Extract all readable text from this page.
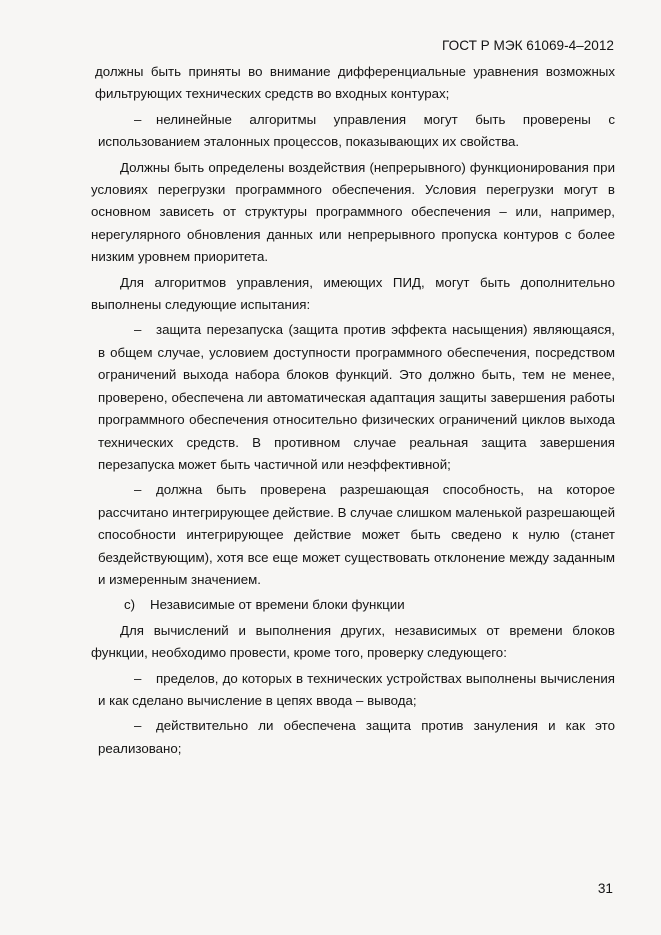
ГОСТ Р МЭК 61069-4–2012

должны быть приняты во внимание дифференциальные уравнения возможных фильтрующих технических средств во входных контурах;

– нелинейные алгоритмы управления могут быть проверены с использованием эталонных процессов, показывающих их свойства.

Должны быть определены воздействия (непрерывного) функционирования при условиях перегрузки программного обеспечения. Условия перегрузки могут в основном зависеть от структуры программного обеспечения – или, например, нерегулярного обновления данных или непрерывного пропуска контуров с более низким уровнем приоритета.

Для алгоритмов управления, имеющих ПИД, могут быть дополнительно выполнены следующие испытания:

– защита перезапуска (защита против эффекта насыщения) являющаяся, в общем случае, условием доступности программного обеспечения, посредством ограничений выхода набора блоков функций. Это должно быть, тем не менее, проверено, обеспечена ли автоматическая адаптация защиты завершения работы программного обеспечения относительно физических ограничений циклов выхода технических средств. В противном случае реальная защита завершения перезапуска может быть частичной или неэффективной;

– должна быть проверена разрешающая способность, на которое рассчитано интегрирующее действие. В случае слишком маленькой разрешающей способности интегрирующее действие может быть сведено к нулю (станет бездействующим), хотя все еще может существовать отклонение между заданным и измеренным значением.

с) Независимые от времени блоки функции

Для вычислений и выполнения других, независимых от времени блоков функции, необходимо провести, кроме того, проверку следующего:

– пределов, до которых в технических устройствах выполнены вычисления и как сделано вычисление в цепях ввода – вывода;

– действительно ли обеспечена защита против зануления и как это реализовано;

31
